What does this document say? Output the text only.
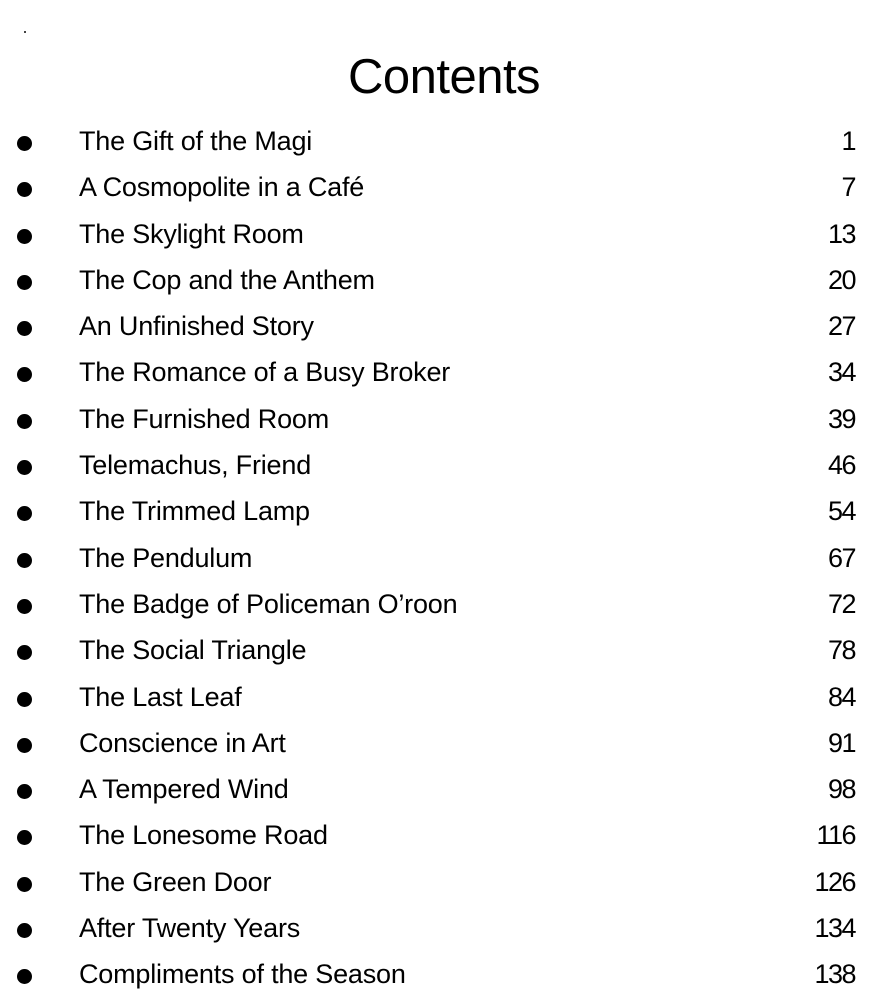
Contents
The Gift of the Magi	1
A Cosmopolite in a Café	7
The Skylight Room	13
The Cop and the Anthem	20
An Unfinished Story	27
The Romance of a Busy Broker	34
The Furnished Room	39
Telemachus, Friend	46
The Trimmed Lamp	54
The Pendulum	67
The Badge of Policeman O’roon	72
The Social Triangle	78
The Last Leaf	84
Conscience in Art	91
A Tempered Wind	98
The Lonesome Road	116
The Green Door	126
After Twenty Years	134
Compliments of the Season	138
